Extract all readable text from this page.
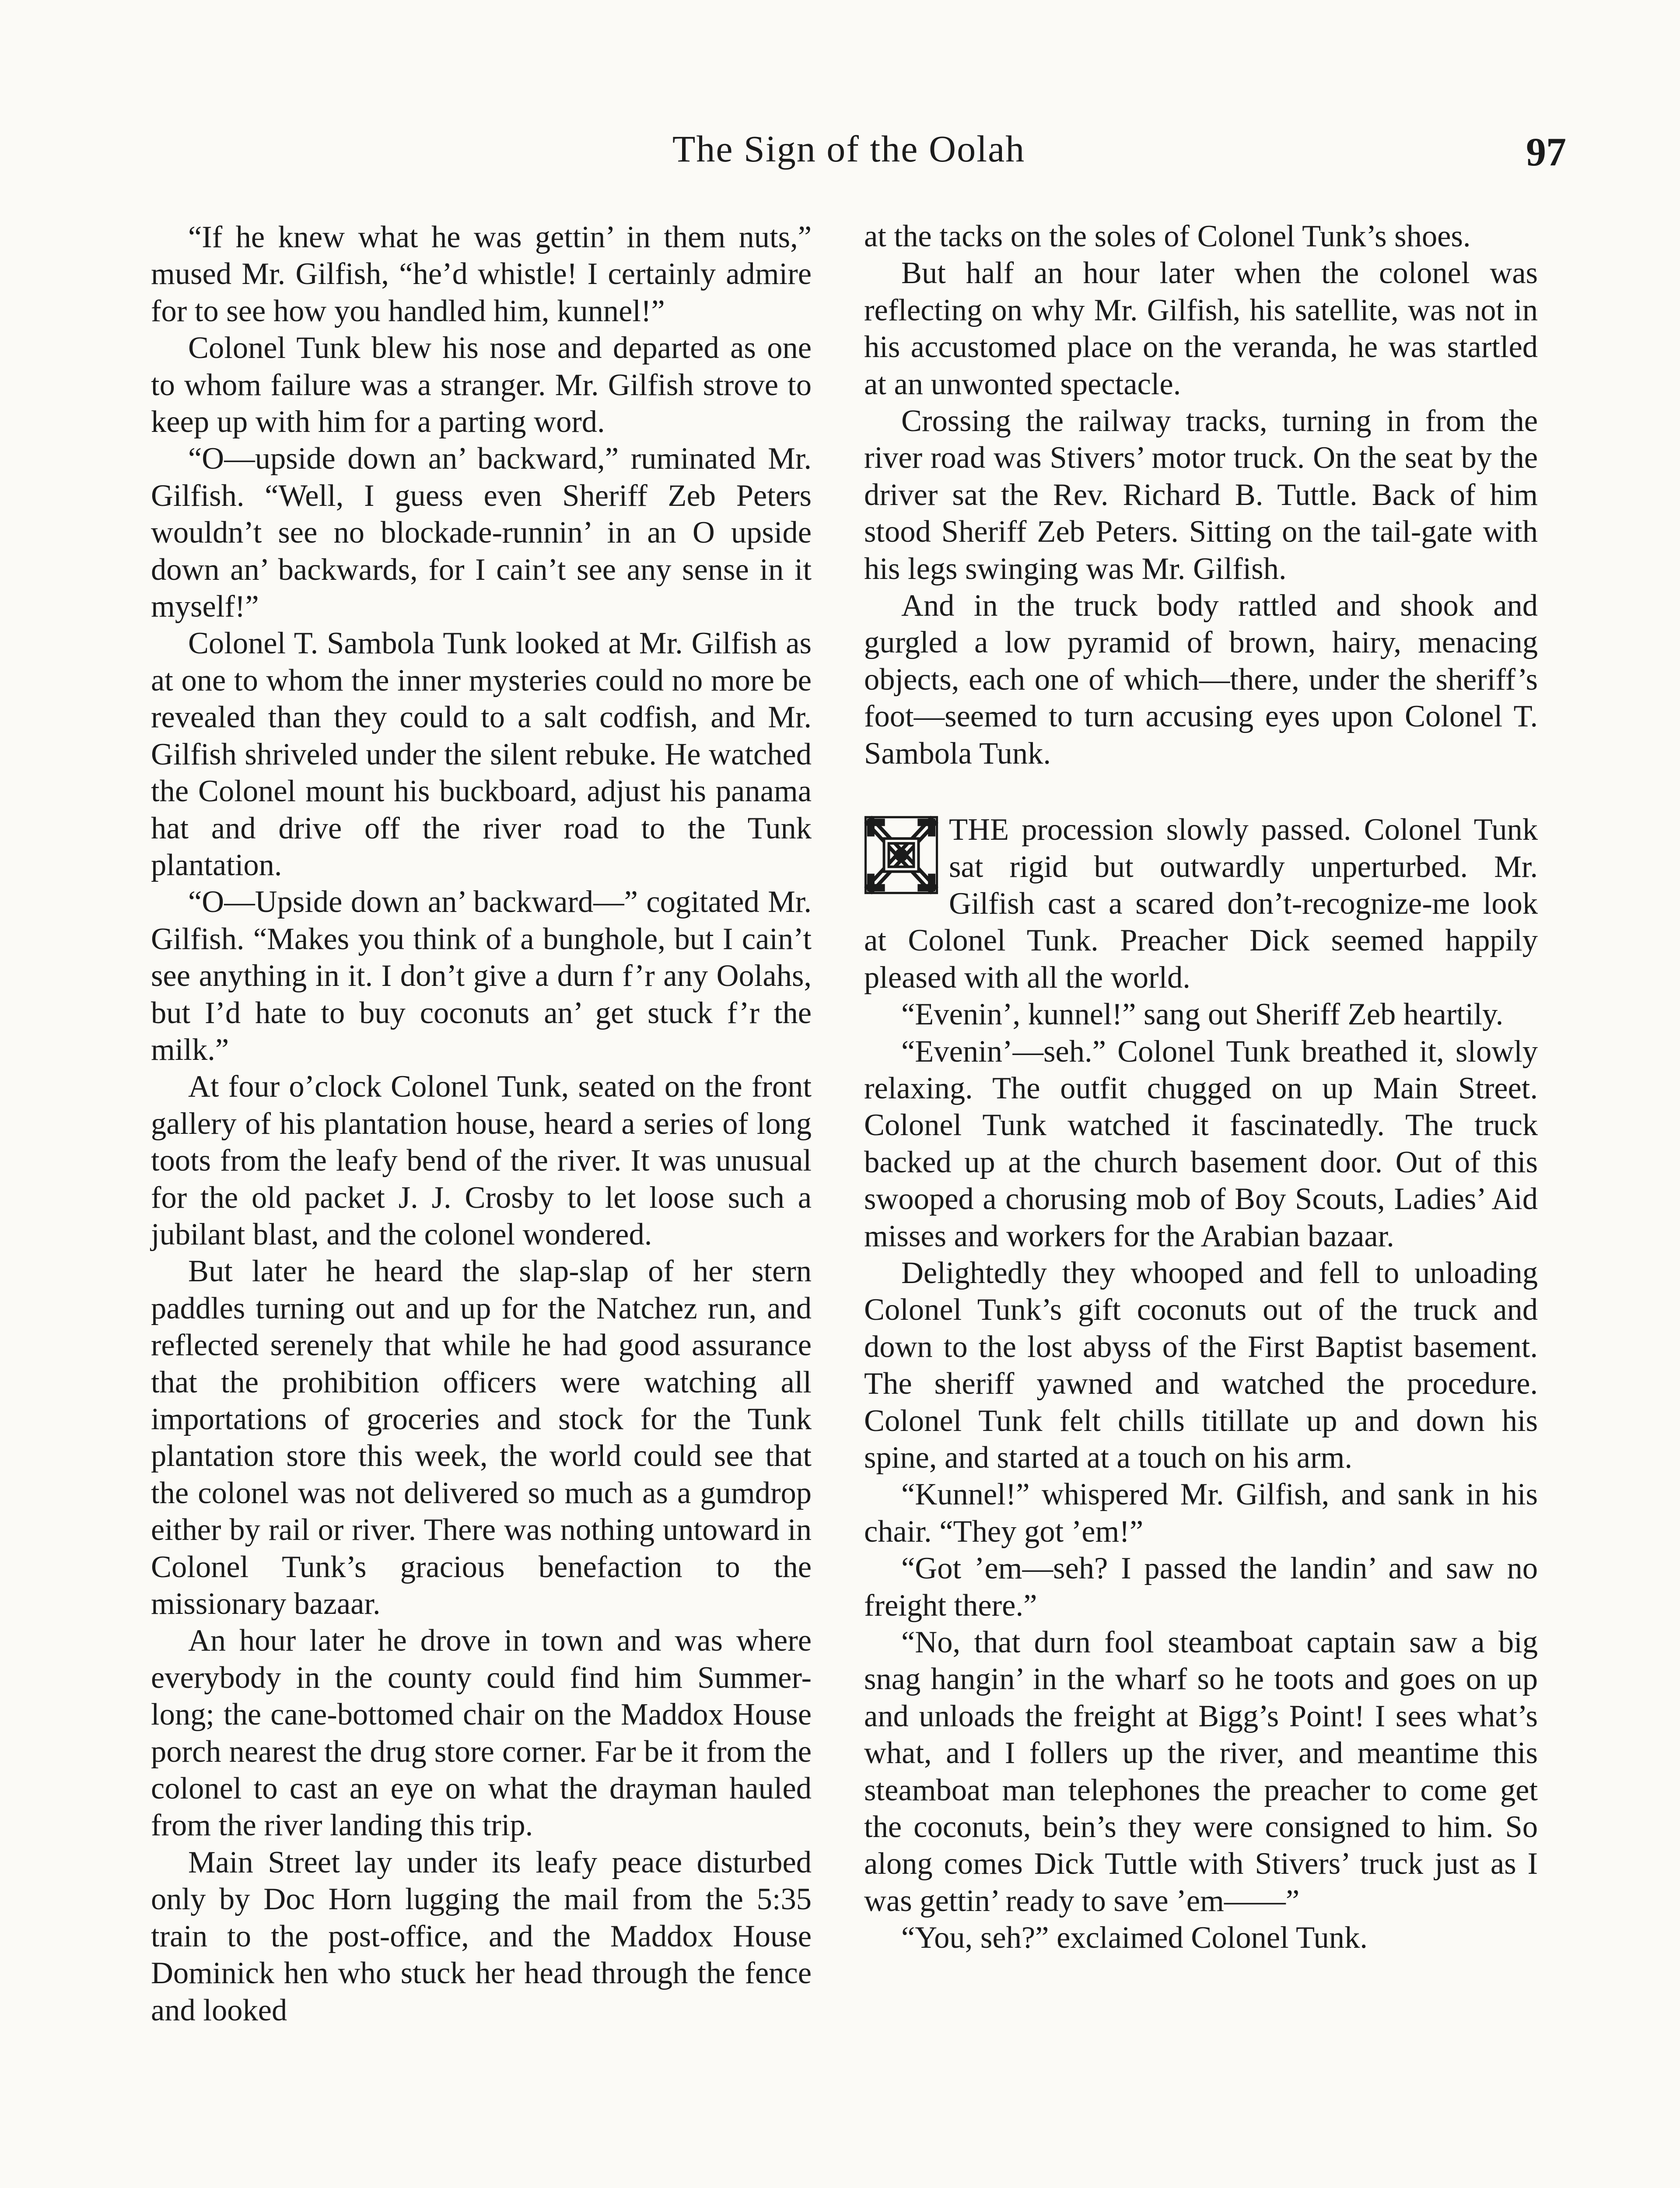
The Sign of the Oolah	97

“If he knew what he was gettin’ in them nuts,” mused Mr. Gilfish, “he’d whistle! I certainly admire for to see how you handled him, kunnel!”

Colonel Tunk blew his nose and departed as one to whom failure was a stranger. Mr. Gilfish strove to keep up with him for a parting word.

“O—upside down an’ backward,” ruminated Mr. Gilfish. “Well, I guess even Sheriff Zeb Peters wouldn’t see no blockade-runnin’ in an O upside down an’ backwards, for I cain’t see any sense in it myself!”

Colonel T. Sambola Tunk looked at Mr. Gilfish as at one to whom the inner mysteries could no more be revealed than they could to a salt codfish, and Mr. Gilfish shriveled under the silent rebuke. He watched the Colonel mount his buckboard, adjust his panama hat and drive off the river road to the Tunk plantation.

“O—Upside down an’ backward—” cogitated Mr. Gilfish. “Makes you think of a bunghole, but I cain’t see anything in it. I don’t give a durn f’r any Oolahs, but I’d hate to buy coconuts an’ get stuck f’r the milk.”

At four o’clock Colonel Tunk, seated on the front gallery of his plantation house, heard a series of long toots from the leafy bend of the river. It was unusual for the old packet J. J. Crosby to let loose such a jubilant blast, and the colonel wondered.

But later he heard the slap-slap of her stern paddles turning out and up for the Natchez run, and reflected serenely that while he had good assurance that the prohibition officers were watching all importations of groceries and stock for the Tunk plantation store this week, the world could see that the colonel was not delivered so much as a gumdrop either by rail or river. There was nothing untoward in Colonel Tunk’s gracious benefaction to the missionary bazaar.

An hour later he drove in town and was where everybody in the county could find him Summer-long; the cane-bottomed chair on the Maddox House porch nearest the drug store corner. Far be it from the colonel to cast an eye on what the drayman hauled from the river landing this trip.

Main Street lay under its leafy peace disturbed only by Doc Horn lugging the mail from the 5:35 train to the post-office, and the Maddox House Dominick hen who stuck her head through the fence and looked

at the tacks on the soles of Colonel Tunk’s shoes.

But half an hour later when the colonel was reflecting on why Mr. Gilfish, his satellite, was not in his accustomed place on the veranda, he was startled at an unwonted spectacle.

Crossing the railway tracks, turning in from the river road was Stivers’ motor truck. On the seat by the driver sat the Rev. Richard B. Tuttle. Back of him stood Sheriff Zeb Peters. Sitting on the tail-gate with his legs swinging was Mr. Gilfish.

And in the truck body rattled and shook and gurgled a low pyramid of brown, hairy, menacing objects, each one of which—there, under the sheriff’s foot—seemed to turn accusing eyes upon Colonel T. Sambola Tunk.

THE procession slowly passed. Colonel Tunk sat rigid but outwardly unperturbed. Mr. Gilfish cast a scared don’t-recognize-me look at Colonel Tunk. Preacher Dick seemed happily pleased with all the world.

“Evenin’, kunnel!” sang out Sheriff Zeb heartily.

“Evenin’—seh.” Colonel Tunk breathed it, slowly relaxing. The outfit chugged on up Main Street. Colonel Tunk watched it fascinatedly. The truck backed up at the church basement door. Out of this swooped a chorusing mob of Boy Scouts, Ladies’ Aid misses and workers for the Arabian bazaar.

Delightedly they whooped and fell to unloading Colonel Tunk’s gift coconuts out of the truck and down to the lost abyss of the First Baptist basement. The sheriff yawned and watched the procedure. Colonel Tunk felt chills titillate up and down his spine, and started at a touch on his arm.

“Kunnel!” whispered Mr. Gilfish, and sank in his chair. “They got ’em!”

“Got ’em—seh? I passed the landin’ and saw no freight there.”

“No, that durn fool steamboat captain saw a big snag hangin’ in the wharf so he toots and goes on up and unloads the freight at Bigg’s Point! I sees what’s what, and I follers up the river, and meantime this steamboat man telephones the preacher to come get the coconuts, bein’s they were consigned to him. So along comes Dick Tuttle with Stivers’ truck just as I was gettin’ ready to save ’em——”

“You, seh?” exclaimed Colonel Tunk.
